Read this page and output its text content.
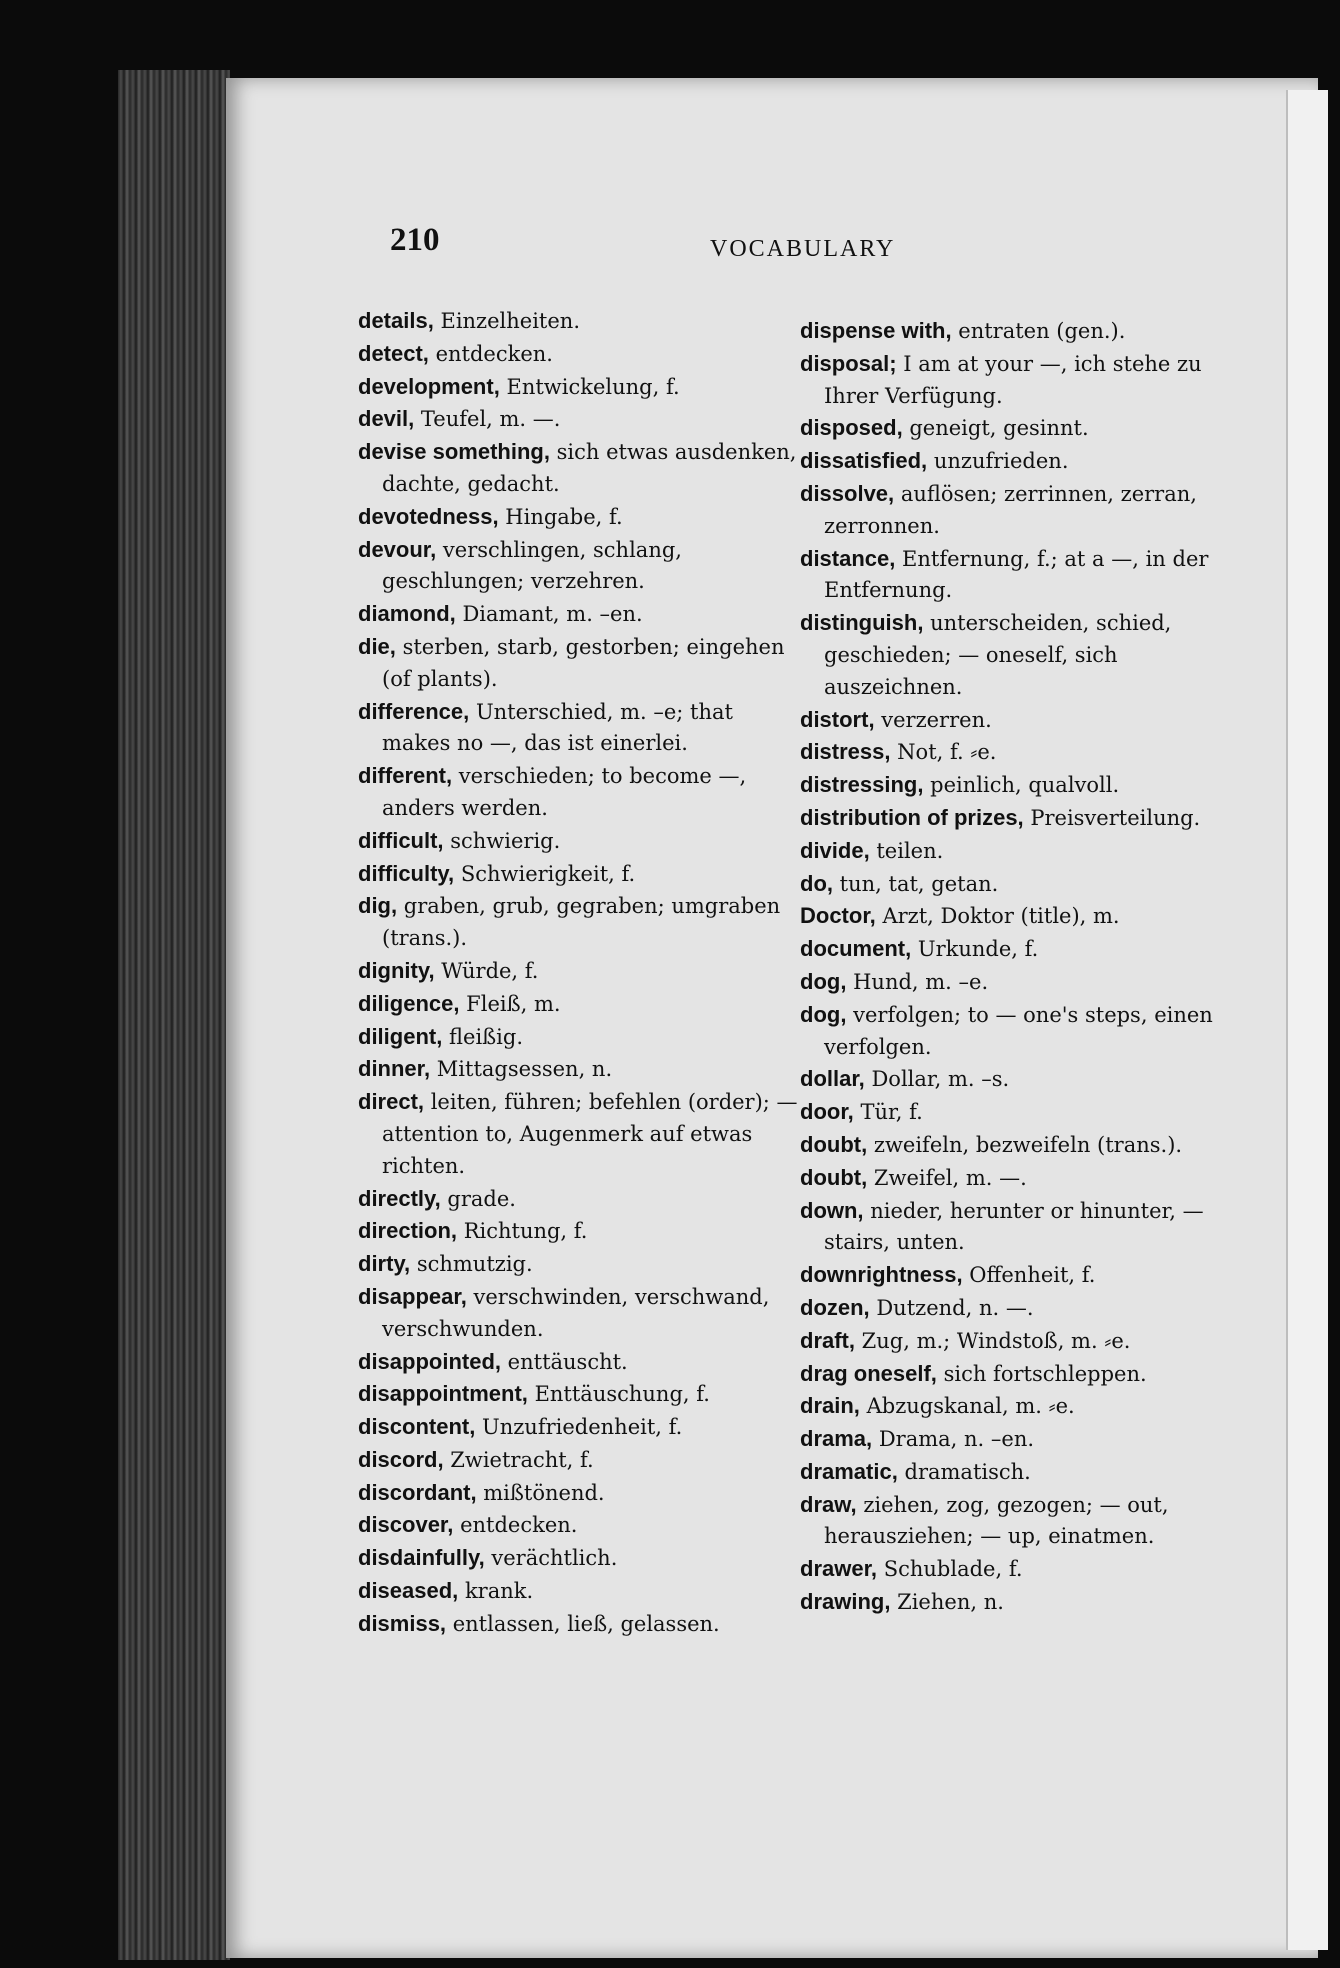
210	VOCABULARY

details, Einzelheiten.

detect, entdecken.

development, Entwickelung, f.

devil, Teufel, m. —.

devise something, sich etwas ausdenken, dachte, gedacht.

devotedness, Hingabe, f.

devour, verschlingen, schlang, geschlungen; verzehren.

diamond, Diamant, m. –en.

die, sterben, starb, gestorben; eingehen (of plants).

difference, Unterschied, m. –e; that makes no —, das ist einerlei.

different, verschieden; to become —, anders werden.

difficult, schwierig.

difficulty, Schwierigkeit, f.

dig, graben, grub, gegraben; umgraben (trans.).

dignity, Würde, f.

diligence, Fleiß, m.

diligent, fleißig.

dinner, Mittagsessen, n.

direct, leiten, führen; befehlen (order); — attention to, Augenmerk auf etwas richten.

directly, grade.

direction, Richtung, f.

dirty, schmutzig.

disappear, verschwinden, verschwand, verschwunden.

disappointed, enttäuscht.

disappointment, Enttäuschung, f.

discontent, Unzufriedenheit, f.

discord, Zwietracht, f.

discordant, mißtönend.

discover, entdecken.

disdainfully, verächtlich.

diseased, krank.

dismiss, entlassen, ließ, gelassen.

dispense with, entraten (gen.).

disposal; I am at your —, ich stehe zu Ihrer Verfügung.

disposed, geneigt, gesinnt.

dissatisfied, unzufrieden.

dissolve, auflösen; zerrinnen, zerran, zerronnen.

distance, Entfernung, f.; at a —, in der Entfernung.

distinguish, unterscheiden, schied, geschieden; — oneself, sich auszeichnen.

distort, verzerren.

distress, Not, f. ⸗e.

distressing, peinlich, qualvoll.

distribution of prizes, Preisverteilung.

divide, teilen.

do, tun, tat, getan.

Doctor, Arzt, Doktor (title), m.

document, Urkunde, f.

dog, Hund, m. –e.

dog, verfolgen; to — one's steps, einen verfolgen.

dollar, Dollar, m. –s.

door, Tür, f.

doubt, zweifeln, bezweifeln (trans.).

doubt, Zweifel, m. —.

down, nieder, herunter or hinunter, — stairs, unten.

downrightness, Offenheit, f.

dozen, Dutzend, n. —.

draft, Zug, m.; Windstoß, m. ⸗e.

drag oneself, sich fortschleppen.

drain, Abzugskanal, m. ⸗e.

drama, Drama, n. –en.

dramatic, dramatisch.

draw, ziehen, zog, gezogen; — out, herausziehen; — up, einatmen.

drawer, Schublade, f.

drawing, Ziehen, n.
